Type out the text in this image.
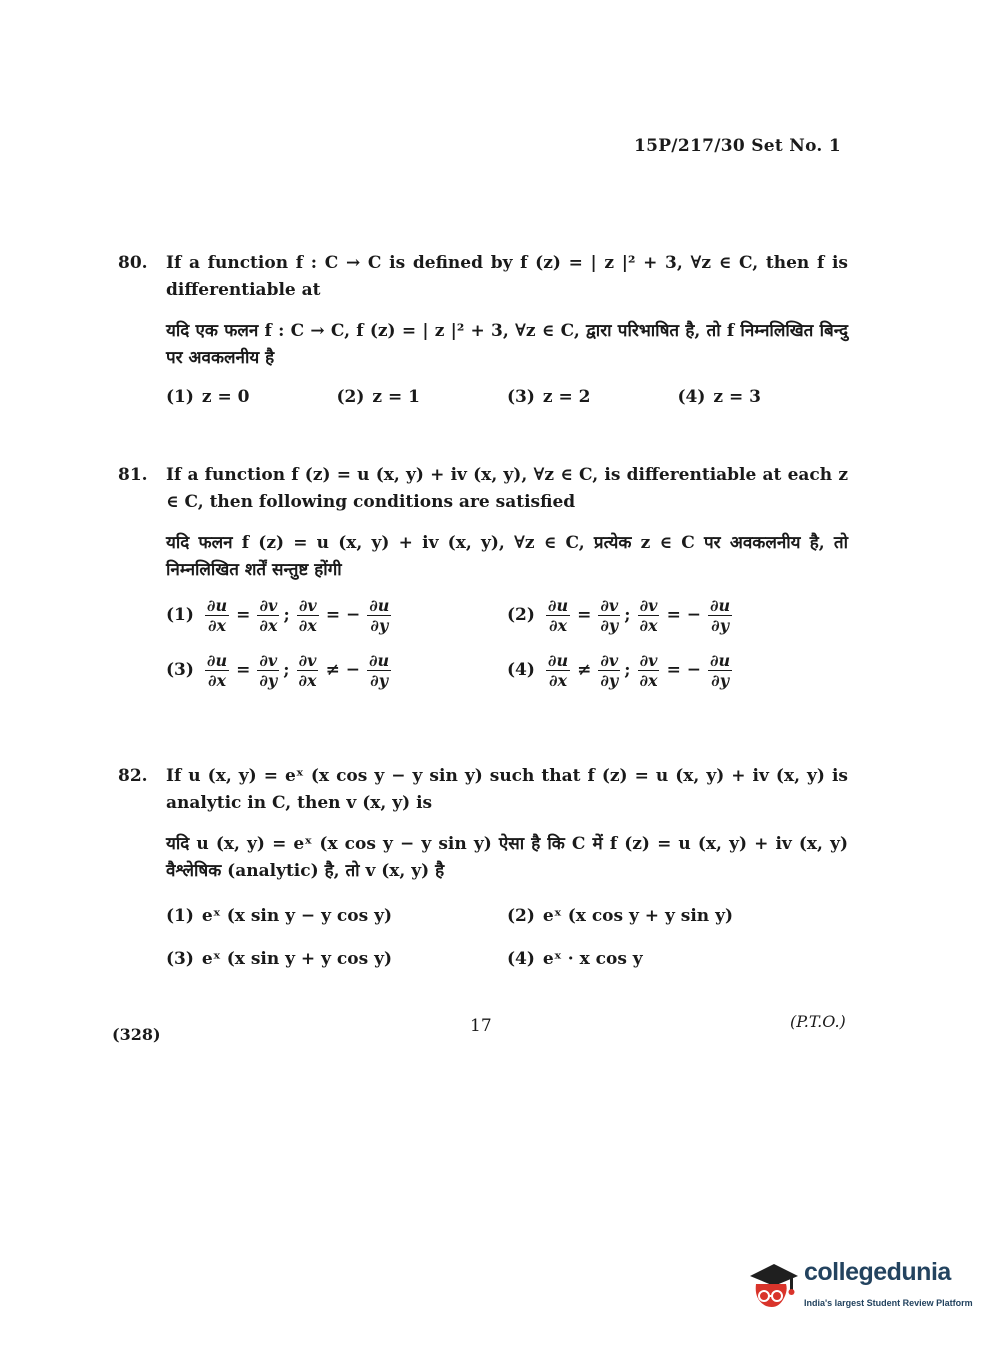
15P/217/30 Set No. 1
80. If a function f : C → C is defined by f (z) = | z |² + 3, ∀z ∈ C, then f is differentiable at
यदि एक फलन f : C → C, f (z) = | z |² + 3, ∀z ∈ C, द्वारा परिभाषित है, तो f निम्नलिखित बिन्दु पर अवकलनीय है
(1) z = 0	(2) z = 1	(3) z = 2	(4) z = 3
81. If a function f (z) = u (x, y) + iv (x, y), ∀z ∈ C, is differentiable at each z ∈ C, then following conditions are satisfied
यदि फलन f (z) = u (x, y) + iv (x, y), ∀z ∈ C, प्रत्येक z ∈ C पर अवकलनीय है, तो निम्नलिखित शर्तें सन्तुष्ट होंगी
$(1) \frac{\partial u}{\partial x} = \frac{\partial v}{\partial x}$ ; $\frac{\partial v}{\partial x}$ = − $\frac{\partial u}{\partial y}$	$(2) \frac{\partial u}{\partial x} = \frac{\partial v}{\partial y}$ ; $\frac{\partial v}{\partial x}$ = − $\frac{\partial u}{\partial y}$
$(3) \frac{\partial u}{\partial x} = \frac{\partial v}{\partial y}$ ; $\frac{\partial v}{\partial x}$ ≠ − $\frac{\partial u}{\partial y}$	$(4) \frac{\partial u}{\partial x} \ne \frac{\partial v}{\partial y}$ ; $\frac{\partial v}{\partial x}$ = − $\frac{\partial u}{\partial y}$
82. If u (x, y) = eˣ (x cos y − y sin y) such that f (z) = u (x, y) + iv (x, y) is analytic in C, then v (x, y) is
यदि u (x, y) = eˣ (x cos y − y sin y) ऐसा है कि C में f (z) = u (x, y) + iv (x, y) वैश्लेषिक (analytic) है, तो v (x, y) है
(1) eˣ (x sin y − y cos y)	(2) eˣ (x cos y + y sin y)
(3) eˣ (x sin y + y cos y)	(4) eˣ · x cos y
(328)	17	(P.T.O.)
collegedunia
India's largest Student Review Platform
